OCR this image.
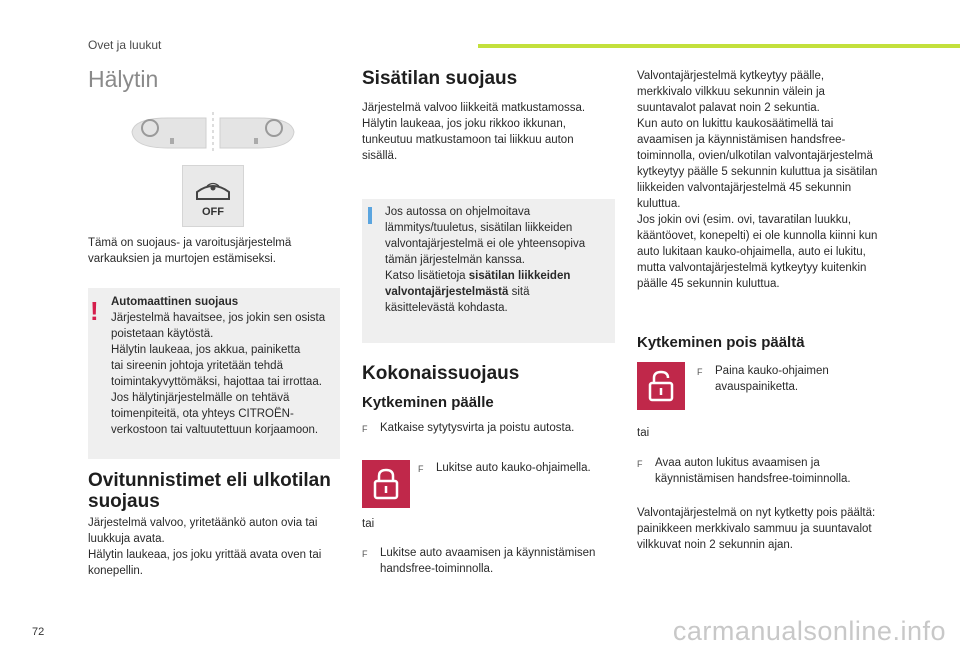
Ovet ja luukut
Hälytin
OFF

Tämä on suojaus- ja varoitusjärjestelmä

varkauksien ja murtojen estämiseksi.

! Automaattinen suojaus

Järjestelmä havaitsee, jos jokin sen osista

poistetaan käytöstä.

Hälytin laukeaa, jos akkua, painiketta

tai sireenin johtoja yritetään tehdä

toimintakyvyttömäksi, hajottaa tai irrottaa.

Jos hälytinjärjestelmälle on tehtävä

toimenpiteitä, ota yhteys CITROËN-

verkostoon tai valtuutettuun korjaamoon.

Ovitunnistimet eli ulkotilan
suojaus

Järjestelmä valvoo, yritetäänkö auton ovia tai

luukkuja avata.

Hälytin laukeaa, jos joku yrittää avata oven tai

konepellin.

Sisätilan suojaus

Järjestelmä valvoo liikkeitä matkustamossa.

Hälytin laukeaa, jos joku rikkoo ikkunan,

tunkeutuu matkustamoon tai liikkuu auton

sisällä.

Jos autossa on ohjelmoitava

lämmitys/tuuletus, sisätilan liikkeiden

valvontajärjestelmä ei ole yhteensopiva

tämän järjestelmän kanssa.

Katso lisätietoja sisätilan liikkeiden

valvontajärjestelmästä sitä

käsittelevästä kohdasta.

Kokonaissuojaus
Kytkeminen päälle
F	Katkaise sytytysvirta ja poistu autosta.
F	Lukitse auto kauko-ohjaimella.
tai
F	Lukitse auto avaamisen ja käynnistämisen
handsfree-toiminnolla.

Valvontajärjestelmä kytkeytyy päälle,

merkkivalo vilkkuu sekunnin välein ja

suuntavalot palavat noin 2 sekuntia.

Kun auto on lukittu kaukosäätimellä tai

avaamisen ja käynnistämisen handsfree-

toiminnolla, ovien/ulkotilan valvontajärjestelmä

kytkeytyy päälle 5 sekunnin kuluttua ja sisätilan

liikkeiden valvontajärjestelmä 45 sekunnin

kuluttua.

Jos jokin ovi (esim. ovi, tavaratilan luukku,

kääntöovet, konepelti) ei ole kunnolla kiinni kun

auto lukitaan kauko-ohjaimella, auto ei lukitu,

mutta valvontajärjestelmä kytkeytyy kuitenkin

päälle 45 sekunnin kuluttua.

Kytkeminen pois päältä
F	Paina kauko-ohjaimen
avauspainiketta.
tai
F	Avaa auton lukitus avaamisen ja
käynnistämisen handsfree-toiminnolla.

Valvontajärjestelmä on nyt kytketty pois päältä:

painikkeen merkkivalo sammuu ja suuntavalot

vilkkuvat noin 2 sekunnin ajan.

72	carmanualsonline.info
